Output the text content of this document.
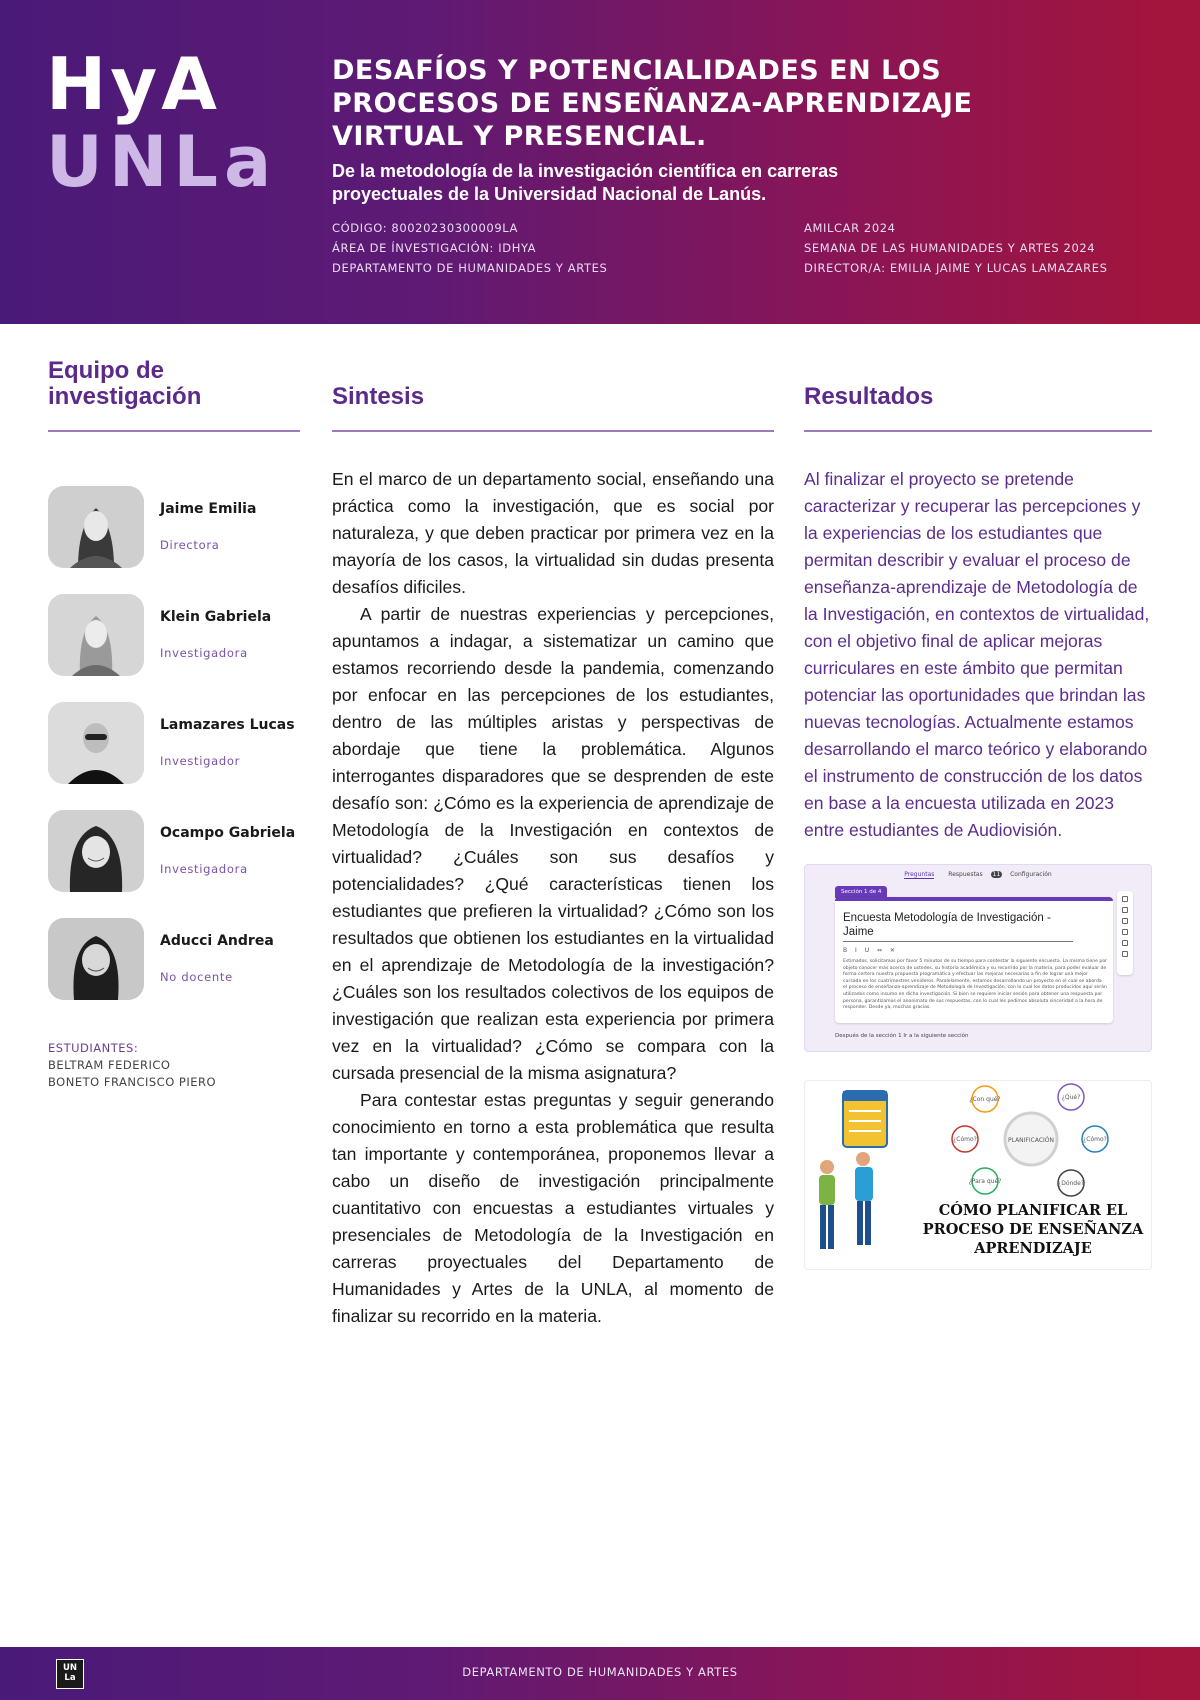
HyA
UNLa
DESAFÍOS Y POTENCIALIDADES EN LOS PROCESOS DE ENSEÑANZA-APRENDIZAJE VIRTUAL Y PRESENCIAL.
De la metodología de la investigación científica en carreras proyectuales de la Universidad Nacional de Lanús.
CÓDIGO: 80020230300009LA
ÁREA DE ÍNVESTIGACIÓN: IDHYA
DEPARTAMENTO DE HUMANIDADES Y ARTES
AMILCAR 2024
SEMANA DE LAS HUMANIDADES Y ARTES 2024
DIRECTOR/A: EMILIA JAIME Y LUCAS LAMAZARES
Equipo de investigación	Sintesis	Resultados
Jaime Emilia
Directora
Klein Gabriela
Investigadora
Lamazares Lucas
Investigador
Ocampo Gabriela
Investigadora
Aducci Andrea
No docente
ESTUDIANTES:
BELTRAM FEDERICO
BONETO FRANCISCO PIERO

En el marco de un departamento social, enseñando una práctica como la investigación, que es social por naturaleza, y que deben practicar por primera vez en la mayoría de los casos, la virtualidad sin dudas presenta desafíos dificiles.

A partir de nuestras experiencias y percepciones, apuntamos a indagar, a sistematizar un camino que estamos recorriendo desde la pandemia, comenzando por enfocar en las percepciones de los estudiantes, dentro de las múltiples aristas y perspectivas de abordaje que tiene la problemática. Algunos interrogantes disparadores que se desprenden de este desafío son: ¿Cómo es la experiencia de aprendizaje de Metodología de la Investigación en contextos de virtualidad? ¿Cuáles son sus desafíos y potencialidades? ¿Qué características tienen los estudiantes que prefieren la virtualidad? ¿Cómo son los resultados que obtienen los estudiantes en la virtualidad en el aprendizaje de Metodología de la investigación? ¿Cuáles son los resultados colectivos de los equipos de investigación que realizan esta experiencia por primera vez en la virtualidad? ¿Cómo se compara con la cursada presencial de la misma asignatura?

Para contestar estas preguntas y seguir generando conocimiento en torno a esta problemática que resulta tan importante y contemporánea, proponemos llevar a cabo un diseño de investigación principalmente cuantitativo con encuestas a estudiantes virtuales y presenciales de Metodología de la Investigación en carreras proyectuales del Departamento de Humanidades y Artes de la UNLA, al momento de finalizar su recorrido en la materia.

Al finalizar el proyecto se pretende caracterizar y recuperar las percepciones y la experiencias de los estudiantes que permitan describir y evaluar el proceso de enseñanza-aprendizaje de Metodología de la Investigación, en contextos de virtualidad, con el objetivo final de aplicar mejoras curriculares en este ámbito que permitan potenciar las oportunidades que brindan las nuevas tecnologías. Actualmente estamos desarrollando el marco teórico y elaborando el instrumento de construcción de los datos en base a la encuesta utilizada en 2023 entre estudiantes de Audiovisión.
Preguntas Respuestas 11 Configuración
Sección 1 de 4
Encuesta Metodología de Investigación - Jaime
B I U ⇔ ✕
Estimados, solicitamos por favor 5 minutos de su tiempo para contestar la siguiente encuesta. La misma tiene por objeto conocer más acerca de ustedes, su historia académica y su recorrido por la materia, para poder evaluar de forma certera nuestra propuesta programática y efectuar las mejoras necesarias a fin de lograr una mejor cursada en los cuatrimestres venideros. Paralelamente, estamos desarrollando un proyecto en el cual se aborda el proceso de enseñanza-aprendizaje de Metodología de Investigación, con lo cual los datos producidos aquí serán utilizados como insumo en dicha investigación. Si bien se requiere iniciar sesión para obtener una respuesta por persona, garantizamos el anonimato de sus respuestas, con lo cual les pedimos absoluta sinceridad a la hora de responder. Desde ya, muchas gracias.
Después de la sección 1 Ir a la siguiente sección
PLANIFICACIÓN
¿Con qué?	¿Qué?
¿Cómo?	¿Cómo?
¿Para qué?	¿Dónde?
CÓMO PLANIFICAR EL PROCESO DE ENSEÑANZA APRENDIZAJE
UN La	DEPARTAMENTO DE HUMANIDADES Y ARTES
